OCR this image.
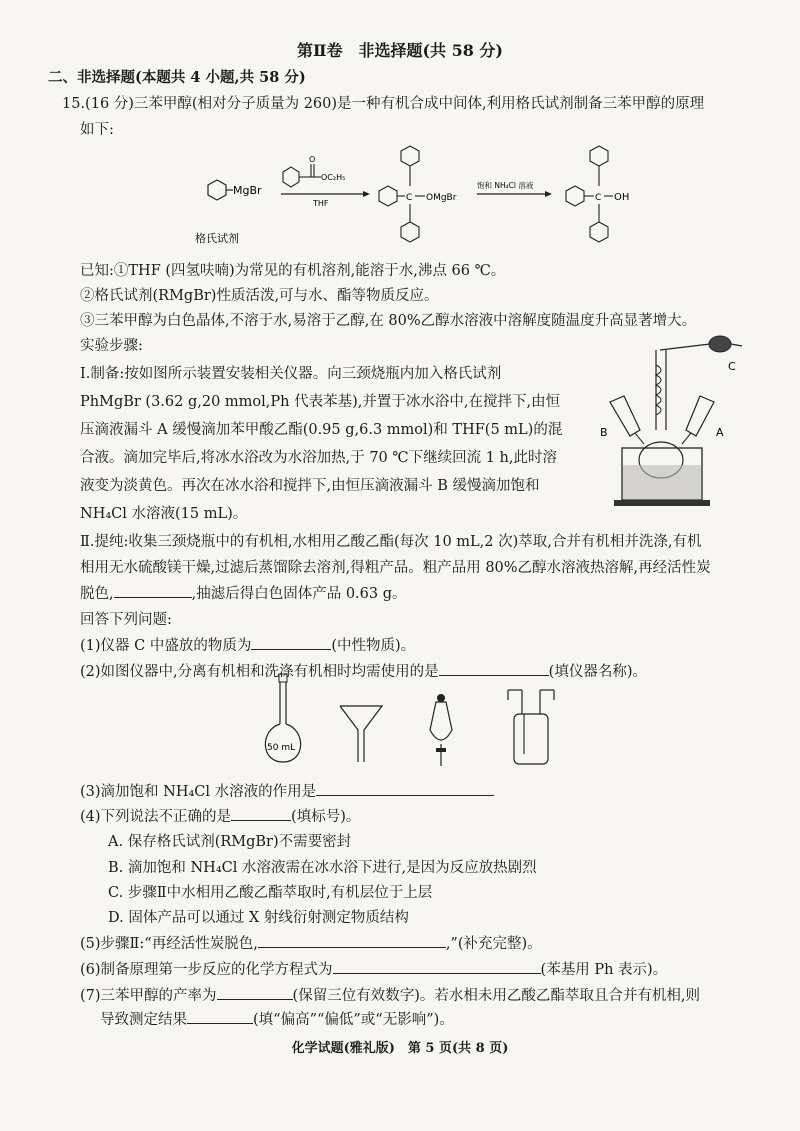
第Ⅱ卷　非选择题(共 58 分)
二、非选择题(本题共 4 小题,共 58 分)
15.(16 分)三苯甲醇(相对分子质量为 260)是一种有机合成中间体,利用格氏试剂制备三苯甲醇的原理
如下:
MgBr
格氏试剂
O
OC₂H₅
THF
C OMgBr
饱和 NH₄Cl 溶液
C OH
已知:①THF (四氢呋喃)为常见的有机溶剂,能溶于水,沸点 66 ℃。
②格氏试剂(RMgBr)性质活泼,可与水、酯等物质反应。
③三苯甲醇为白色晶体,不溶于水,易溶于乙醇,在 80%乙醇水溶液中溶解度随温度升高显著增大。
实验步骤:
Ⅰ.制备:按如图所示装置安装相关仪器。向三颈烧瓶内加入格氏试剂
PhMgBr (3.62 g,20 mmol,Ph 代表苯基),并置于冰水浴中,在搅拌下,由恒
压滴液漏斗 A 缓慢滴加苯甲酸乙酯(0.95 g,6.3 mmol)和 THF(5 mL)的混
合液。滴加完毕后,将冰水浴改为水浴加热,于 70 ℃下继续回流 1 h,此时溶
液变为淡黄色。再次在冰水浴和搅拌下,由恒压滴液漏斗 B 缓慢滴加饱和
NH₄Cl 水溶液(15 mL)。
C
B	A
Ⅱ.提纯:收集三颈烧瓶中的有机相,水相用乙酸乙酯(每次 10 mL,2 次)萃取,合并有机相并洗涤,有机
相用无水硫酸镁干燥,过滤后蒸馏除去溶剂,得粗产品。粗产品用 80%乙醇水溶液热溶解,再经活性炭
脱色,	,抽滤后得白色固体产品 0.63 g。
回答下列问题:
(1)仪器 C 中盛放的物质为	(中性物质)。
(2)如图仪器中,分离有机相和洗涤有机相时均需使用的是	(填仪器名称)。
50 mL
(3)滴加饱和 NH₄Cl 水溶液的作用是
(4)下列说法不正确的是	(填标号)。
A. 保存格氏试剂(RMgBr)不需要密封
B. 滴加饱和 NH₄Cl 水溶液需在冰水浴下进行,是因为反应放热剧烈
C. 步骤Ⅱ中水相用乙酸乙酯萃取时,有机层位于上层
D. 固体产品可以通过 X 射线衍射测定物质结构
(5)步骤Ⅱ:“再经活性炭脱色,	,”(补充完整)。
(6)制备原理第一步反应的化学方程式为	(苯基用 Ph 表示)。
(7)三苯甲醇的产率为	(保留三位有效数字)。若水相未用乙酸乙酯萃取且合并有机相,则
导致测定结果	(填“偏高”“偏低”或“无影响”)。
化学试题(雅礼版)　第 5 页(共 8 页)
